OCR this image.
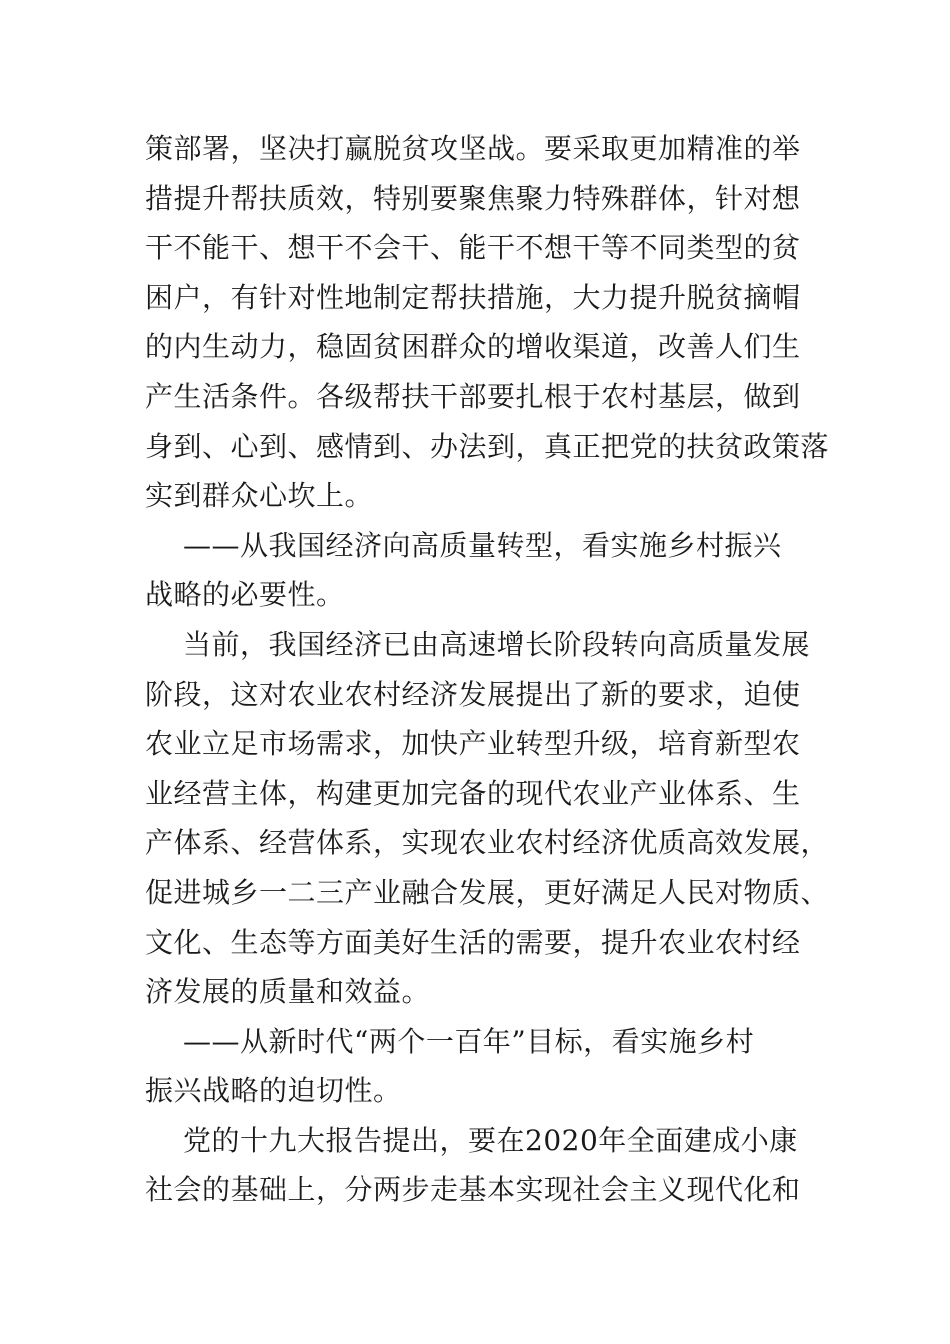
策部署，坚决打赢脱贫攻坚战。要采取更加精准的举
措提升帮扶质效，特别要聚焦聚力特殊群体，针对想
干不能干、想干不会干、能干不想干等不同类型的贫
困户，有针对性地制定帮扶措施，大力提升脱贫摘帽
的内生动力，稳固贫困群众的增收渠道，改善人们生
产生活条件。各级帮扶干部要扎根于农村基层，做到
身到、心到、感情到、办法到，真正把党的扶贫政策落
实到群众心坎上。
——从我国经济向高质量转型，看实施乡村振兴
战略的必要性。
当前，我国经济已由高速增长阶段转向高质量发展
阶段，这对农业农村经济发展提出了新的要求，迫使
农业立足市场需求，加快产业转型升级，培育新型农
业经营主体，构建更加完备的现代农业产业体系、生
产体系、经营体系，实现农业农村经济优质高效发展，
促进城乡一二三产业融合发展，更好满足人民对物质、
文化、生态等方面美好生活的需要，提升农业农村经
济发展的质量和效益。
——从新时代“两个一百年”目标，看实施乡村
振兴战略的迫切性。
党的十九大报告提出，要在2020年全面建成小康
社会的基础上，分两步走基本实现社会主义现代化和
